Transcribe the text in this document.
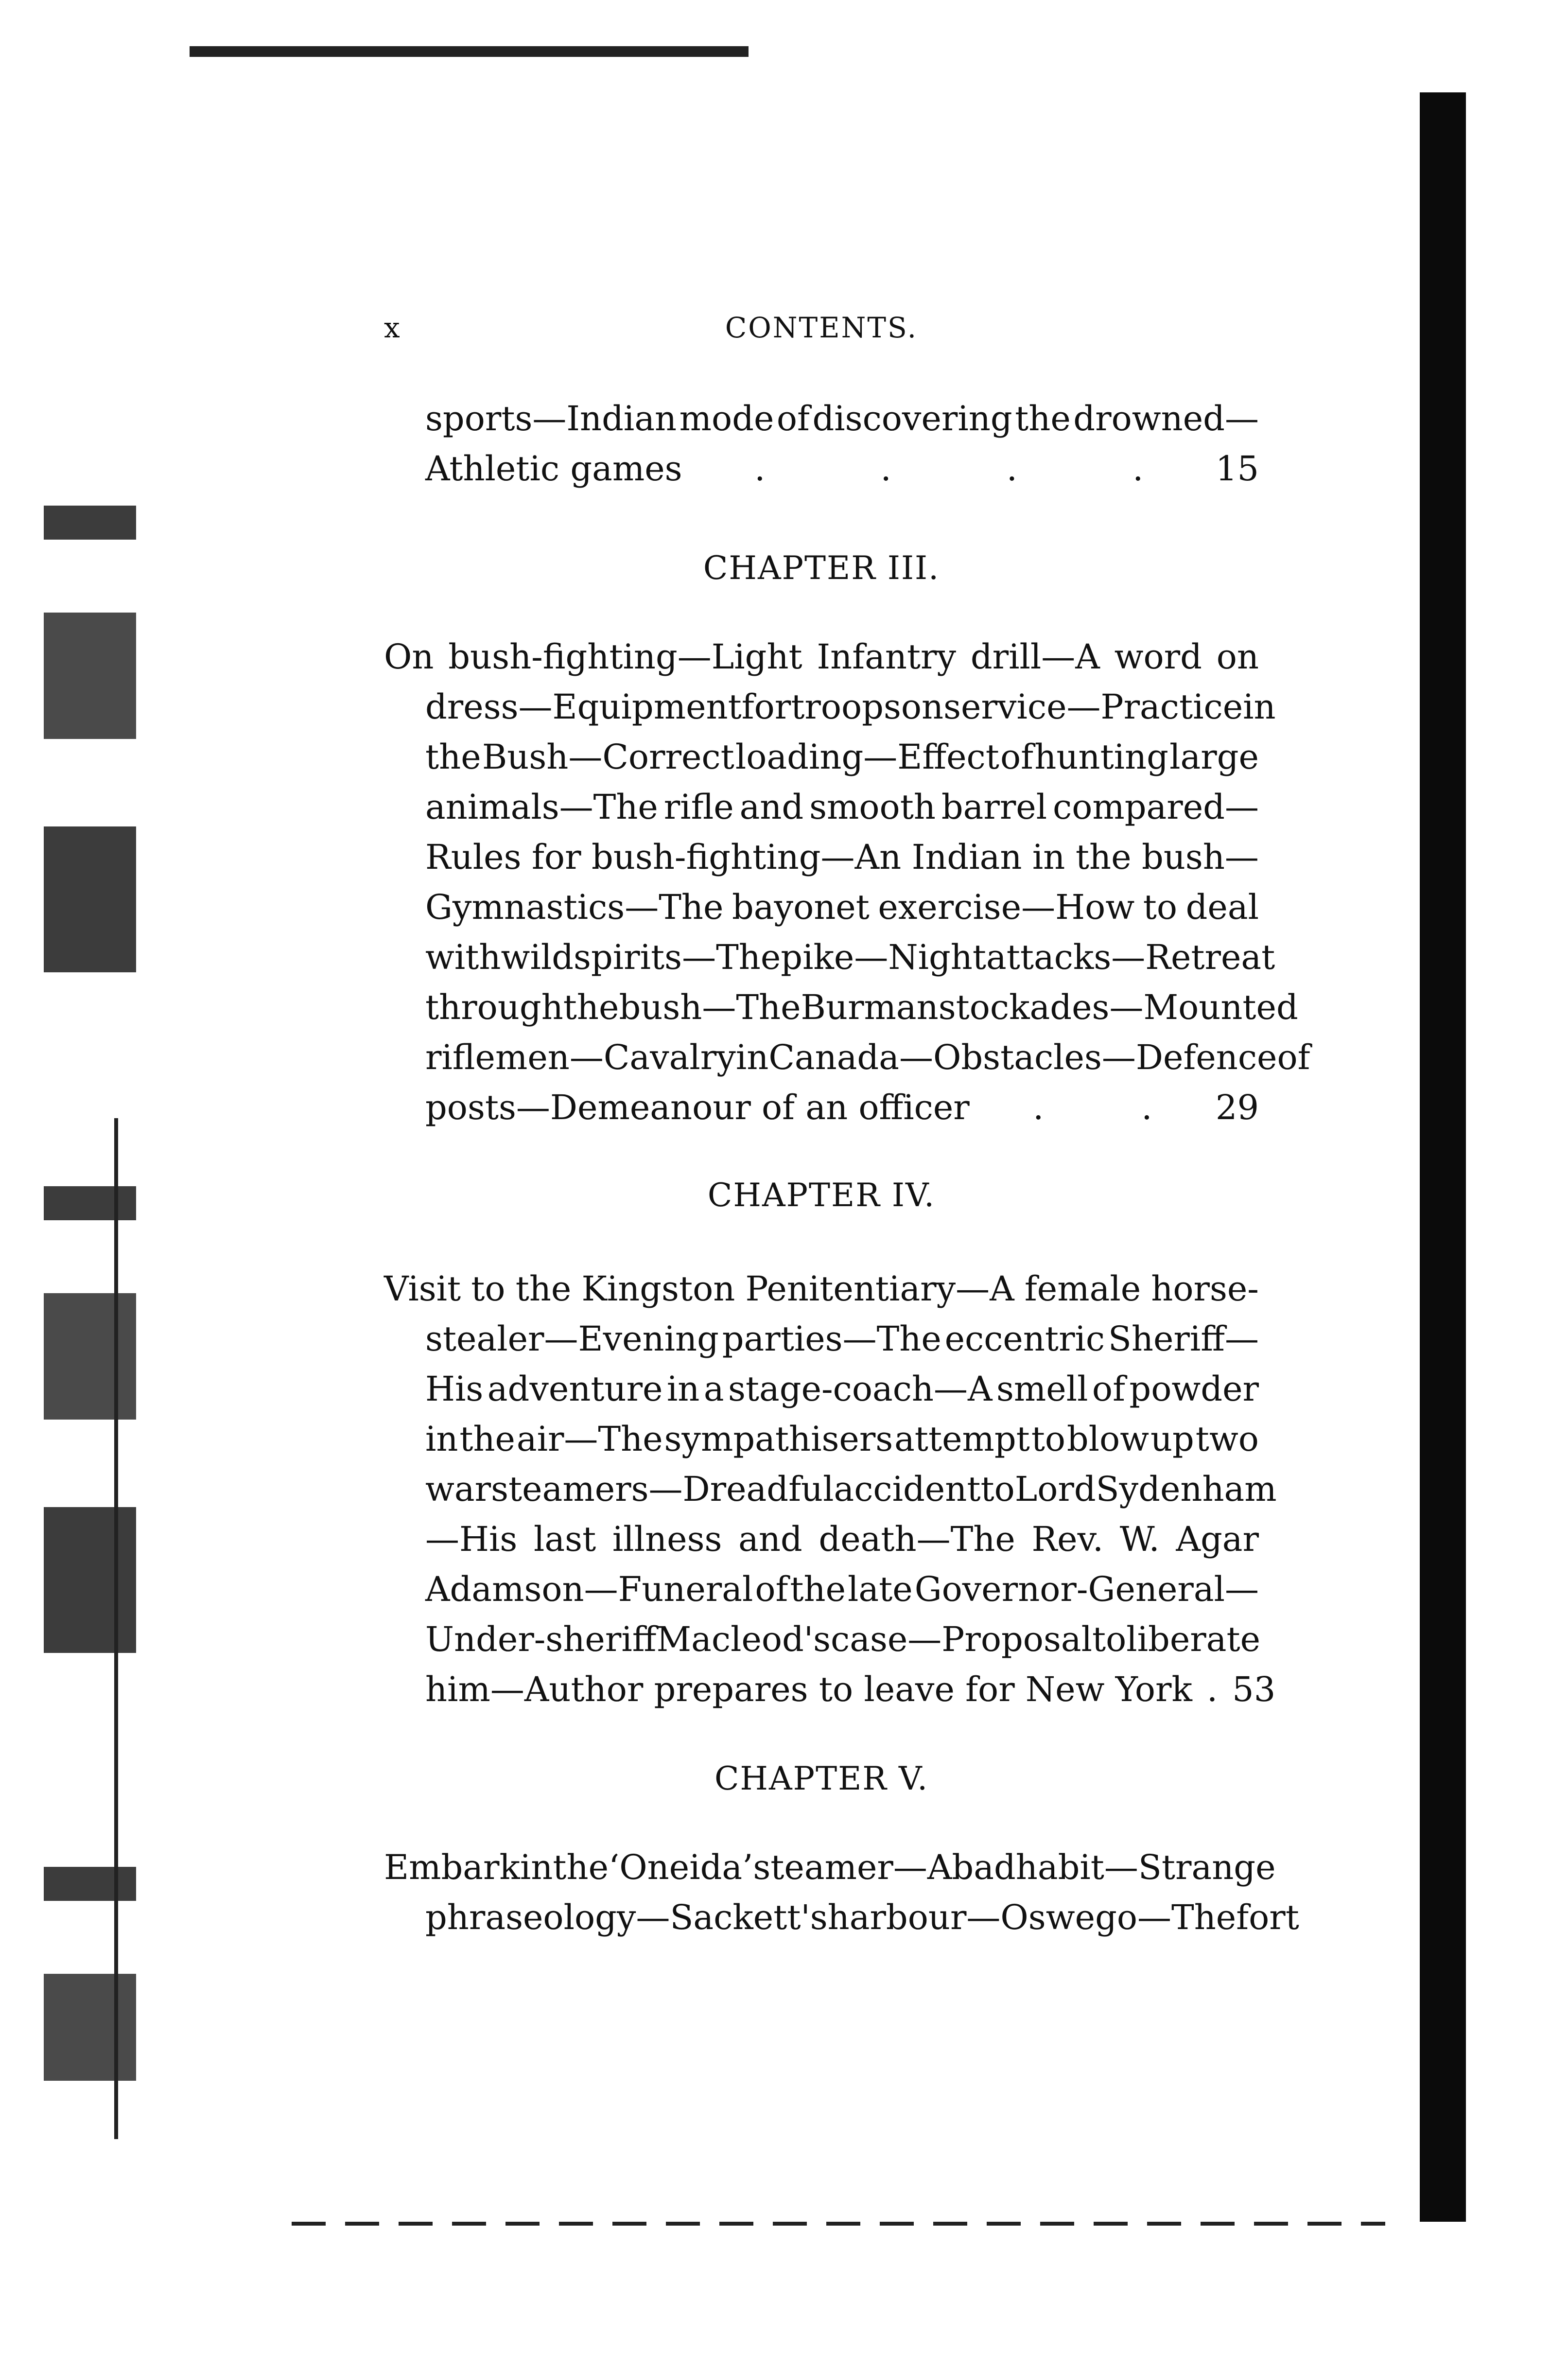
x	CONTENTS.
sports—Indian mode of discovering the drowned—
Athletic games .	.	.	. 15
CHAPTER III.
On bush-fighting—Light Infantry drill—A word on
dress—Equipment for troops on service—Practice in
the Bush—Correct loading—Effect of hunting large
animals—The rifle and smooth barrel compared—
Rules for bush-fighting—An Indian in the bush—
Gymnastics—The bayonet exercise—How to deal
with wild spirits—The pike—Night attacks—Retreat
through the bush—The Burman stockades—Mounted
riflemen—Cavalry in Canada—Obstacles—Defence of
posts—Demeanour of an officer .	. 29
CHAPTER IV.
Visit to the Kingston Penitentiary—A female horse-
stealer—Evening parties—The eccentric Sheriff—
His adventure in a stage-coach—A smell of powder
in the air—The sympathisers attempt to blow up two
war steamers—Dreadful accident to Lord Sydenham
—His last illness and death—The Rev. W. Agar
Adamson—Funeral of the late Governor-General—
Under-sheriff Macleod's case—Proposal to liberate
him—Author prepares to leave for New York . 53
CHAPTER V.
Embark in the ‘ Oneida’ steamer—A bad habit—Strange
phraseology—Sackett's harbour—Oswego—The fort
